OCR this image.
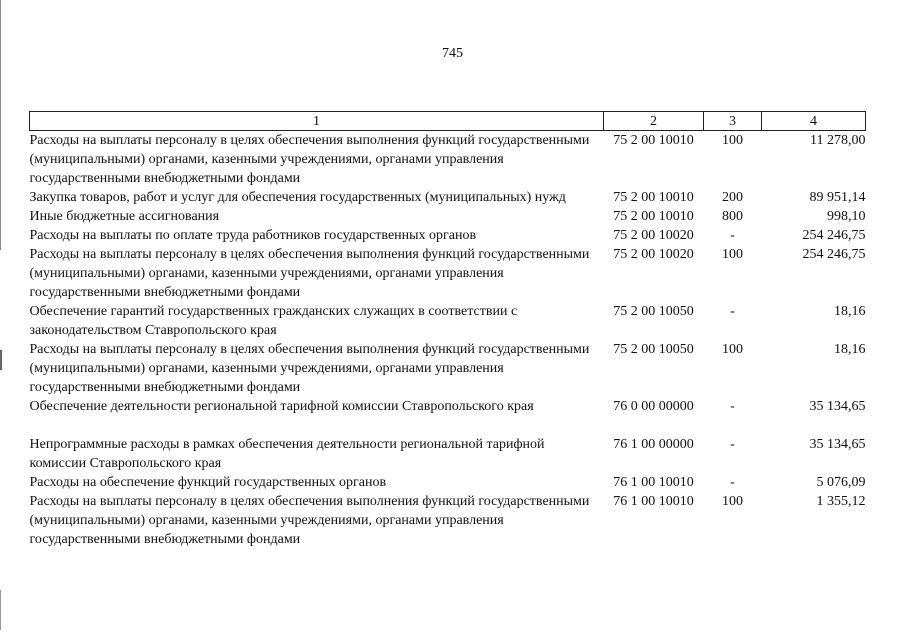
745
1	2	3	4
Расходы на выплаты персоналу в целях обеспечения выполнения функций государственными (муниципальными) органами, казенными учреждениями, органами управления государственными внебюджетными фондами	75 2 00 10010	100	11 278,00
Закупка товаров, работ и услуг для обеспечения государственных (муниципальных) нужд	75 2 00 10010	200	89 951,14
Иные бюджетные ассигнования	75 2 00 10010	800	998,10
Расходы на выплаты по оплате труда работников государственных органов	75 2 00 10020	-	254 246,75
Расходы на выплаты персоналу в целях обеспечения выполнения функций государственными (муниципальными) органами, казенными учреждениями, органами управления государственными внебюджетными фондами	75 2 00 10020	100	254 246,75
Обеспечение гарантий государственных гражданских служащих в соответствии с законодательством Ставропольского края	75 2 00 10050	-	18,16
Расходы на выплаты персоналу в целях обеспечения выполнения функций государственными (муниципальными) органами, казенными учреждениями, органами управления государственными внебюджетными фондами	75 2 00 10050	100	18,16
Обеспечение деятельности региональной тарифной комиссии Ставропольского края	76 0 00 00000	-	35 134,65
Непрограммные расходы в рамках обеспечения деятельности региональной тарифной комиссии Ставропольского края	76 1 00 00000	-	35 134,65
Расходы на обеспечение функций государственных органов	76 1 00 10010	-	5 076,09
Расходы на выплаты персоналу в целях обеспечения выполнения функций государственными (муниципальными) органами, казенными учреждениями, органами управления государственными внебюджетными фондами	76 1 00 10010	100	1 355,12
